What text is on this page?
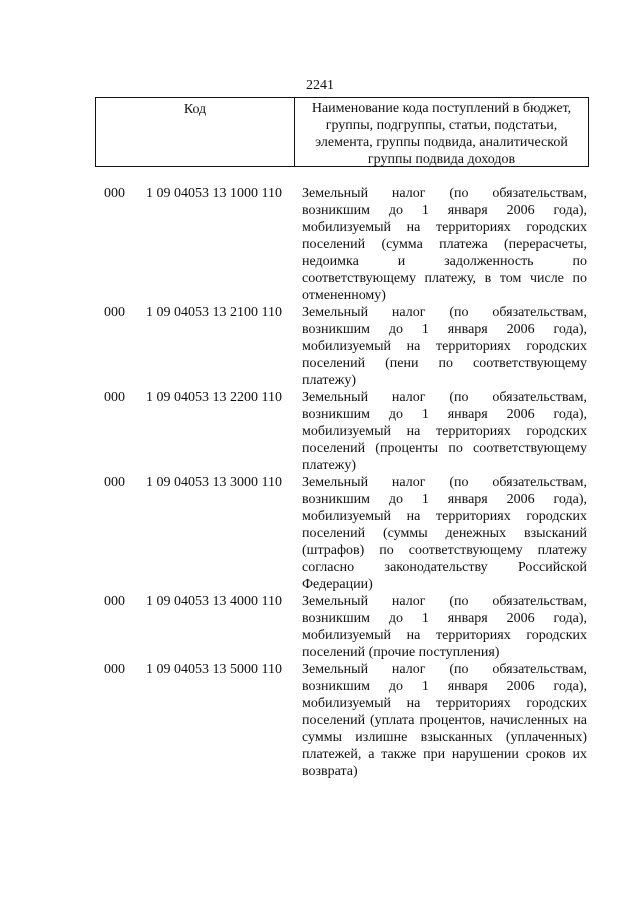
2241
Код	Наименование кода поступлений в бюджет, группы, подгруппы, статьи, подстатьи, элемента, группы подвида, аналитической группы подвида доходов
000	1 09 04053 13 1000 110	Земельный налог (по обязательствам, возникшим до 1 января 2006 года), мобилизуемый на территориях городских поселений (сумма платежа (перерасчеты, недоимка и задолженность по соответствующему платежу, в том числе по отмененному)
000	1 09 04053 13 2100 110	Земельный налог (по обязательствам, возникшим до 1 января 2006 года), мобилизуемый на территориях городских поселений (пени по соответствующему платежу)
000	1 09 04053 13 2200 110	Земельный налог (по обязательствам, возникшим до 1 января 2006 года), мобилизуемый на территориях городских поселений (проценты по соответствующему платежу)
000	1 09 04053 13 3000 110	Земельный налог (по обязательствам, возникшим до 1 января 2006 года), мобилизуемый на территориях городских поселений (суммы денежных взысканий (штрафов) по соответствующему платежу согласно законодательству Российской Федерации)
000	1 09 04053 13 4000 110	Земельный налог (по обязательствам, возникшим до 1 января 2006 года), мобилизуемый на территориях городских поселений (прочие поступления)
000	1 09 04053 13 5000 110	Земельный налог (по обязательствам, возникшим до 1 января 2006 года), мобилизуемый на территориях городских поселений (уплата процентов, начисленных на суммы излишне взысканных (уплаченных) платежей, а также при нарушении сроков их возврата)
